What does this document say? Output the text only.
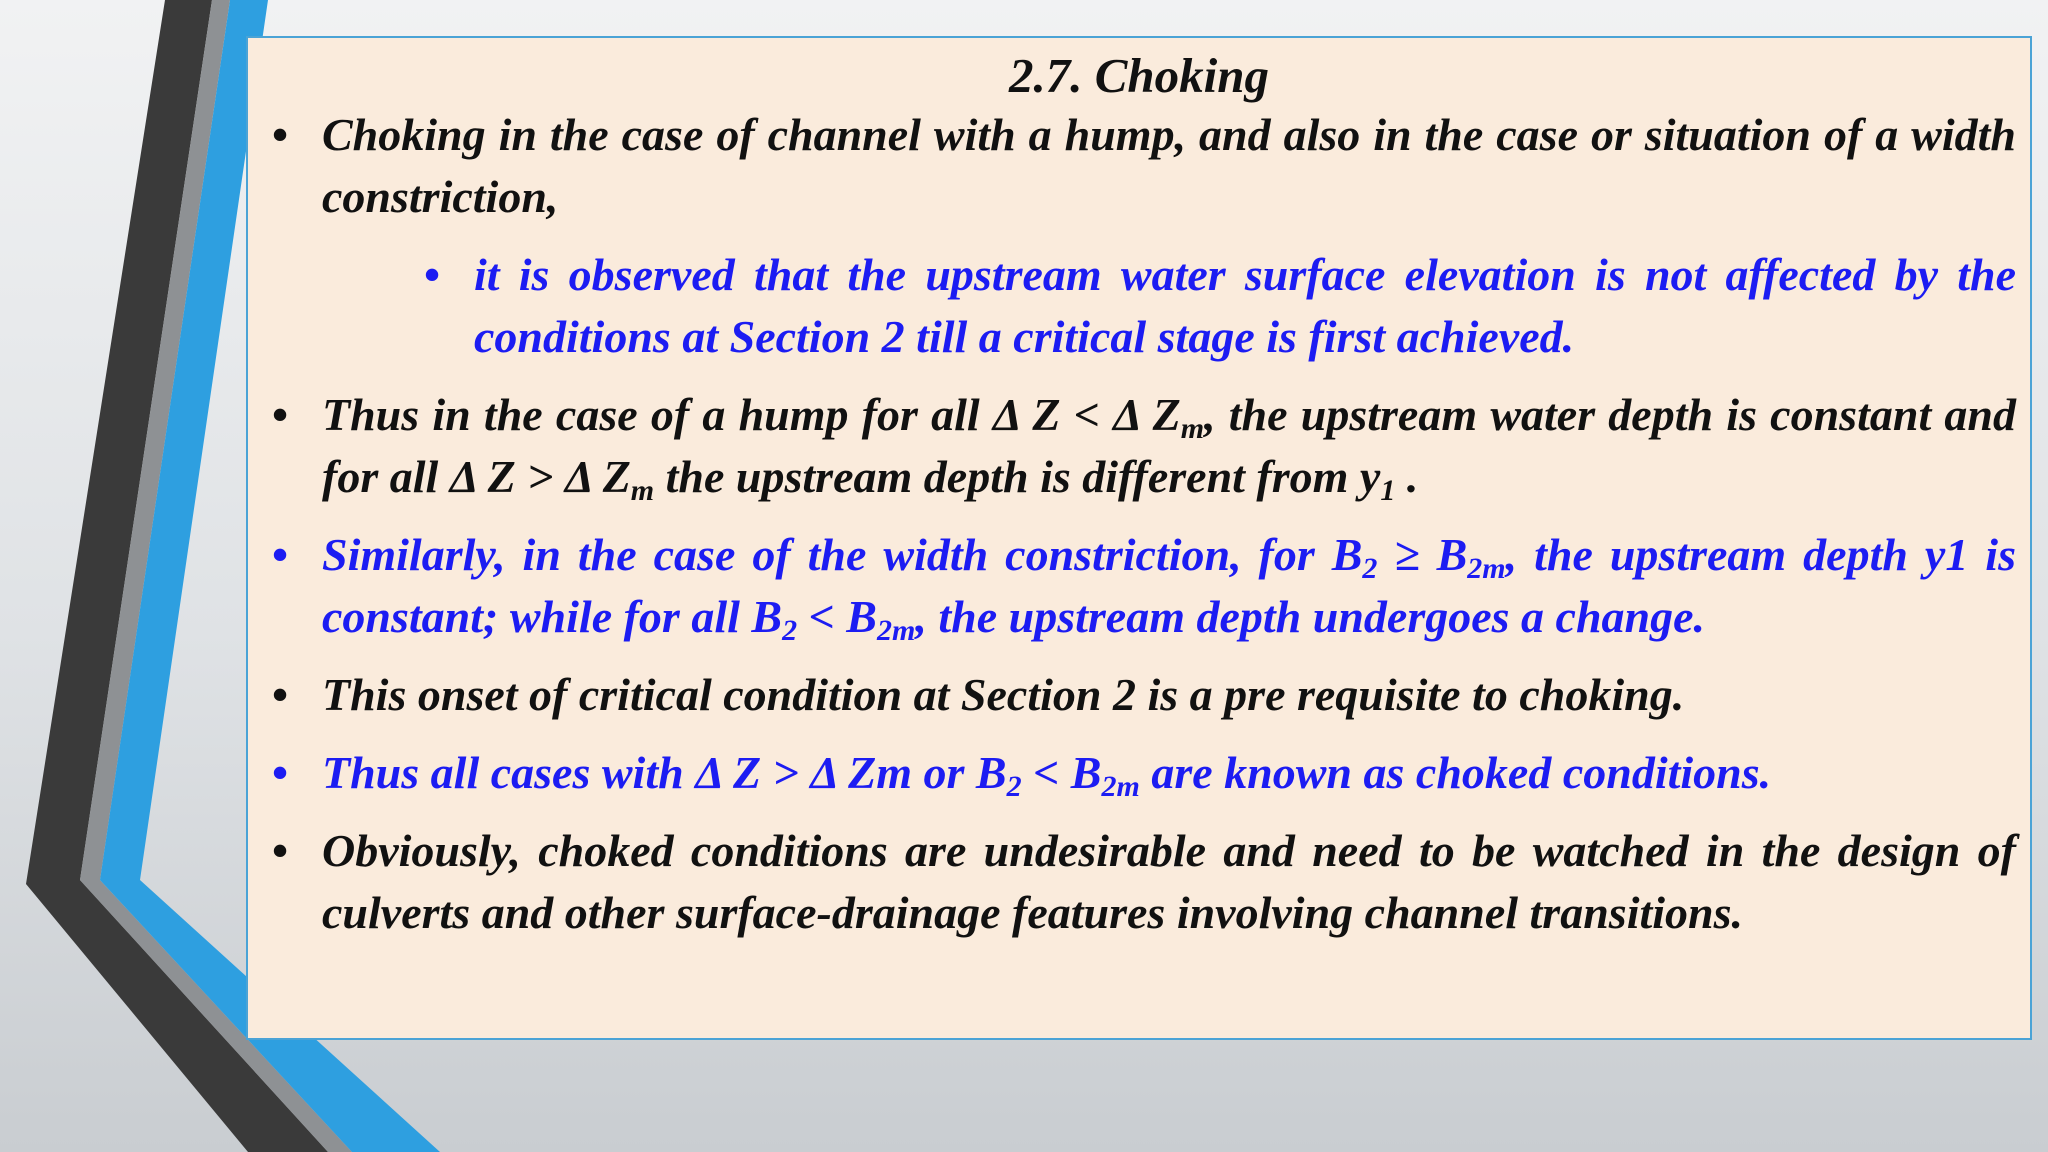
2.7. Choking
• Choking in the case of channel with a hump, and also in the case or situation of a width constriction,
• it is observed that the upstream water surface elevation is not affected by the conditions at Section 2 till a critical stage is first achieved.
• Thus in the case of a hump for all Δ Z < Δ $Z_m$, the upstream water depth is constant and for all Δ Z > Δ $Z_m$ the upstream depth is different from $y_1$ .
• Similarly, in the case of the width constriction, for $B_2 \ge B_{2m}$, the upstream depth y1 is constant; while for all $B_2 < B_{2m}$, the upstream depth undergoes a change.
• This onset of critical condition at Section 2 is a pre requisite to choking.
• Thus all cases with Δ Z > Δ Zm or $B_2 < B_{2m}$ are known as choked conditions.
• Obviously, choked conditions are undesirable and need to be watched in the design of culverts and other surface-drainage features involving channel transitions.
